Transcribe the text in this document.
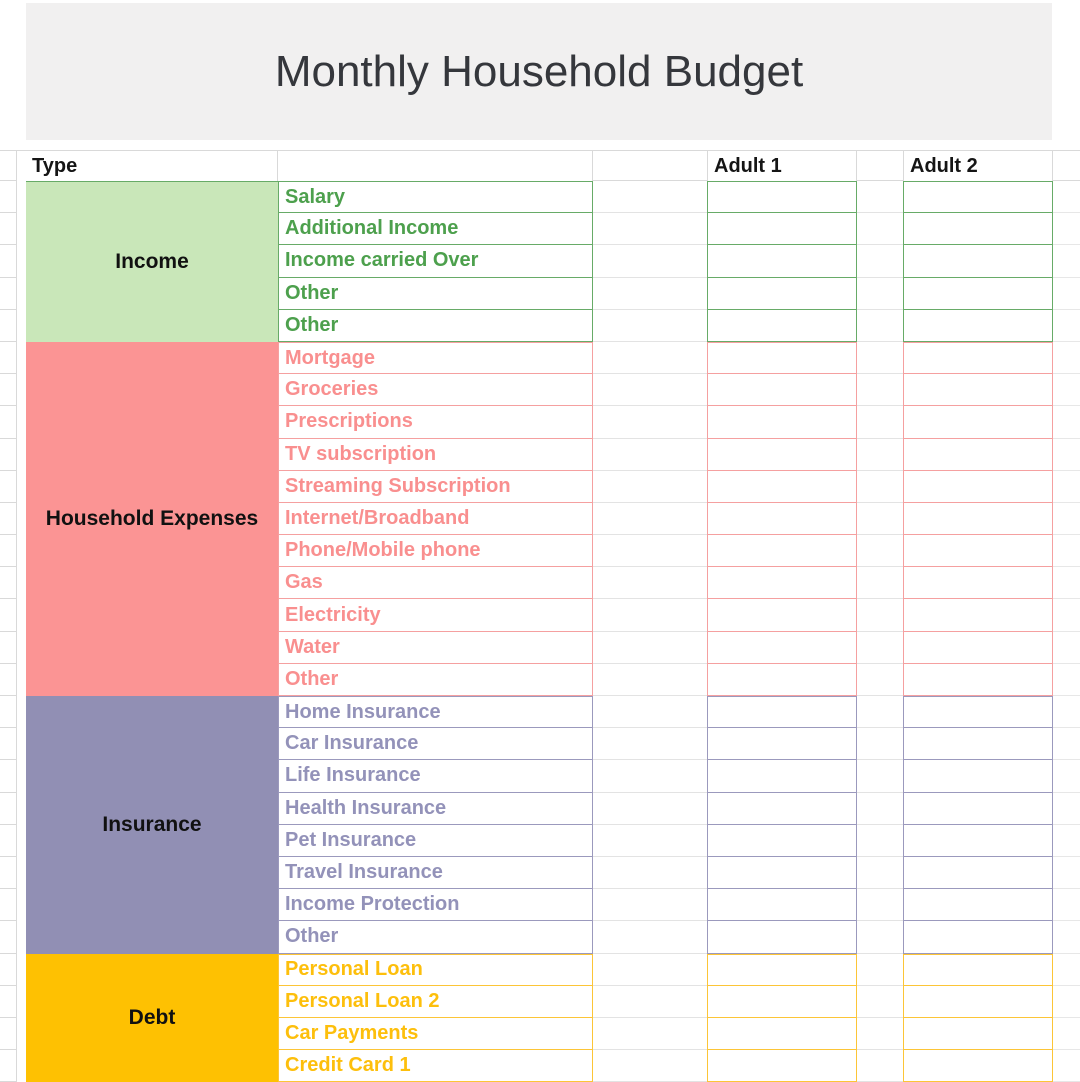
Monthly Household Budget
Type	Adult 1	Adult 2
Income
Salary
Additional Income
Income carried Over
Other
Other
Household Expenses
Mortgage
Groceries
Prescriptions
TV subscription
Streaming Subscription
Internet/Broadband
Phone/Mobile phone
Gas
Electricity
Water
Other
Insurance
Home Insurance
Car Insurance
Life Insurance
Health Insurance
Pet Insurance
Travel Insurance
Income Protection
Other
Debt
Personal Loan
Personal Loan 2
Car Payments
Credit Card 1
